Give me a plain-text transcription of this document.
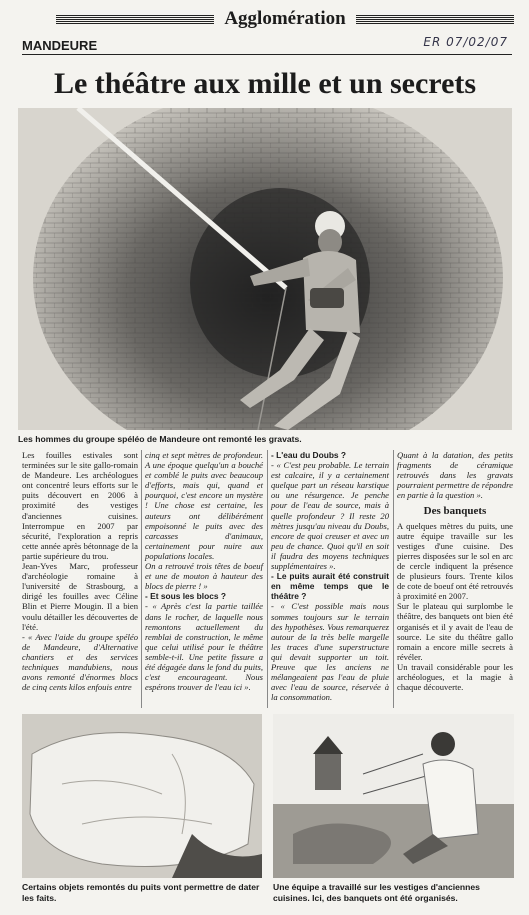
Agglomération
MANDEURE	ER 07/02/07
Le théâtre aux mille et un secrets
Les hommes du groupe spéléo de Mandeure ont remonté les gravats.

Les fouilles estivales sont terminées sur le site gallo-romain de Mandeure. Les archéologues ont concentré leurs efforts sur le puits découvert en 2006 à proximité des vestiges d'anciennes cuisines. Interrompue en 2007 par sécurité, l'exploration a repris cette année après bétonnage de la partie supérieure du trou.

Jean-Yves Marc, professeur d'archéologie romaine à l'université de Strasbourg, a dirigé les fouilles avec Céline Blin et Pierre Mougin. Il a bien voulu détailler les découvertes de l'été.

- « Avec l'aide du groupe spéléo de Mandeure, d'Alternative chantiers et des services techniques mandubiens, nous avons remonté d'énormes blocs de cinq cents kilos enfouis entre

cinq et sept mètres de profondeur. A une époque quelqu'un a bouché et comblé le puits avec beaucoup d'efforts, mais qui, quand et pourquoi, c'est encore un mystère ! Une chose est certaine, les auteurs ont délibérément empoisonné le puits avec des carcasses d'animaux, certainement pour nuire aux populations locales.

On a retrouvé trois têtes de boeuf et une de mouton à hauteur des blocs de pierre ! »

- Et sous les blocs ?

- « Après c'est la partie taillée dans le rocher, de laquelle nous remontons actuellement du remblai de construction, le même que celui utilisé pour le théâtre semble-t-il. Une petite fissure a été dégagée dans le fond du puits, c'est encourageant. Nous espérons trouver de l'eau ici ».

- L'eau du Doubs ?

- « C'est peu probable. Le terrain est calcaire, il y a certainement quelque part un réseau karstique ou une résurgence. Je penche pour de l'eau de source, mais à quelle profondeur ? Il reste 20 mètres jusqu'au niveau du Doubs, encore de quoi creuser et avec un peu de chance. Quoi qu'il en soit il faudra des moyens techniques supplémentaires ».

- Le puits aurait été construit en même temps que le théâtre ?

- « C'est possible mais nous sommes toujours sur le terrain des hypothèses. Vous remarquerez autour de la très belle margelle les traces d'une superstructure qui devait supporter un toit. Preuve que les anciens ne mélangeaient pas l'eau de pluie avec l'eau de source, réservée à la consommation.

Quant à la datation, des petits fragments de céramique retrouvés dans les gravats pourraient permettre de répondre en partie à la question ».

Des banquets

A quelques mètres du puits, une autre équipe travaille sur les vestiges d'une cuisine. Des pierres disposées sur le sol en arc de cercle indiquent la présence de plusieurs fours. Trente kilos de cote de boeuf ont été retrouvés à proximité en 2007.

Sur le plateau qui surplombe le théâtre, des banquets ont bien été organisés et il y avait de l'eau de source. Le site du théâtre gallo romain a encore mille secrets à révéler.

Un travail considérable pour les archéologues, et la magie à chaque découverte.

Certains objets remontés du puits vont permettre de dater les faits.
Une équipe a travaillé sur les vestiges d'anciennes cuisines. Ici, des banquets ont été organisés.
